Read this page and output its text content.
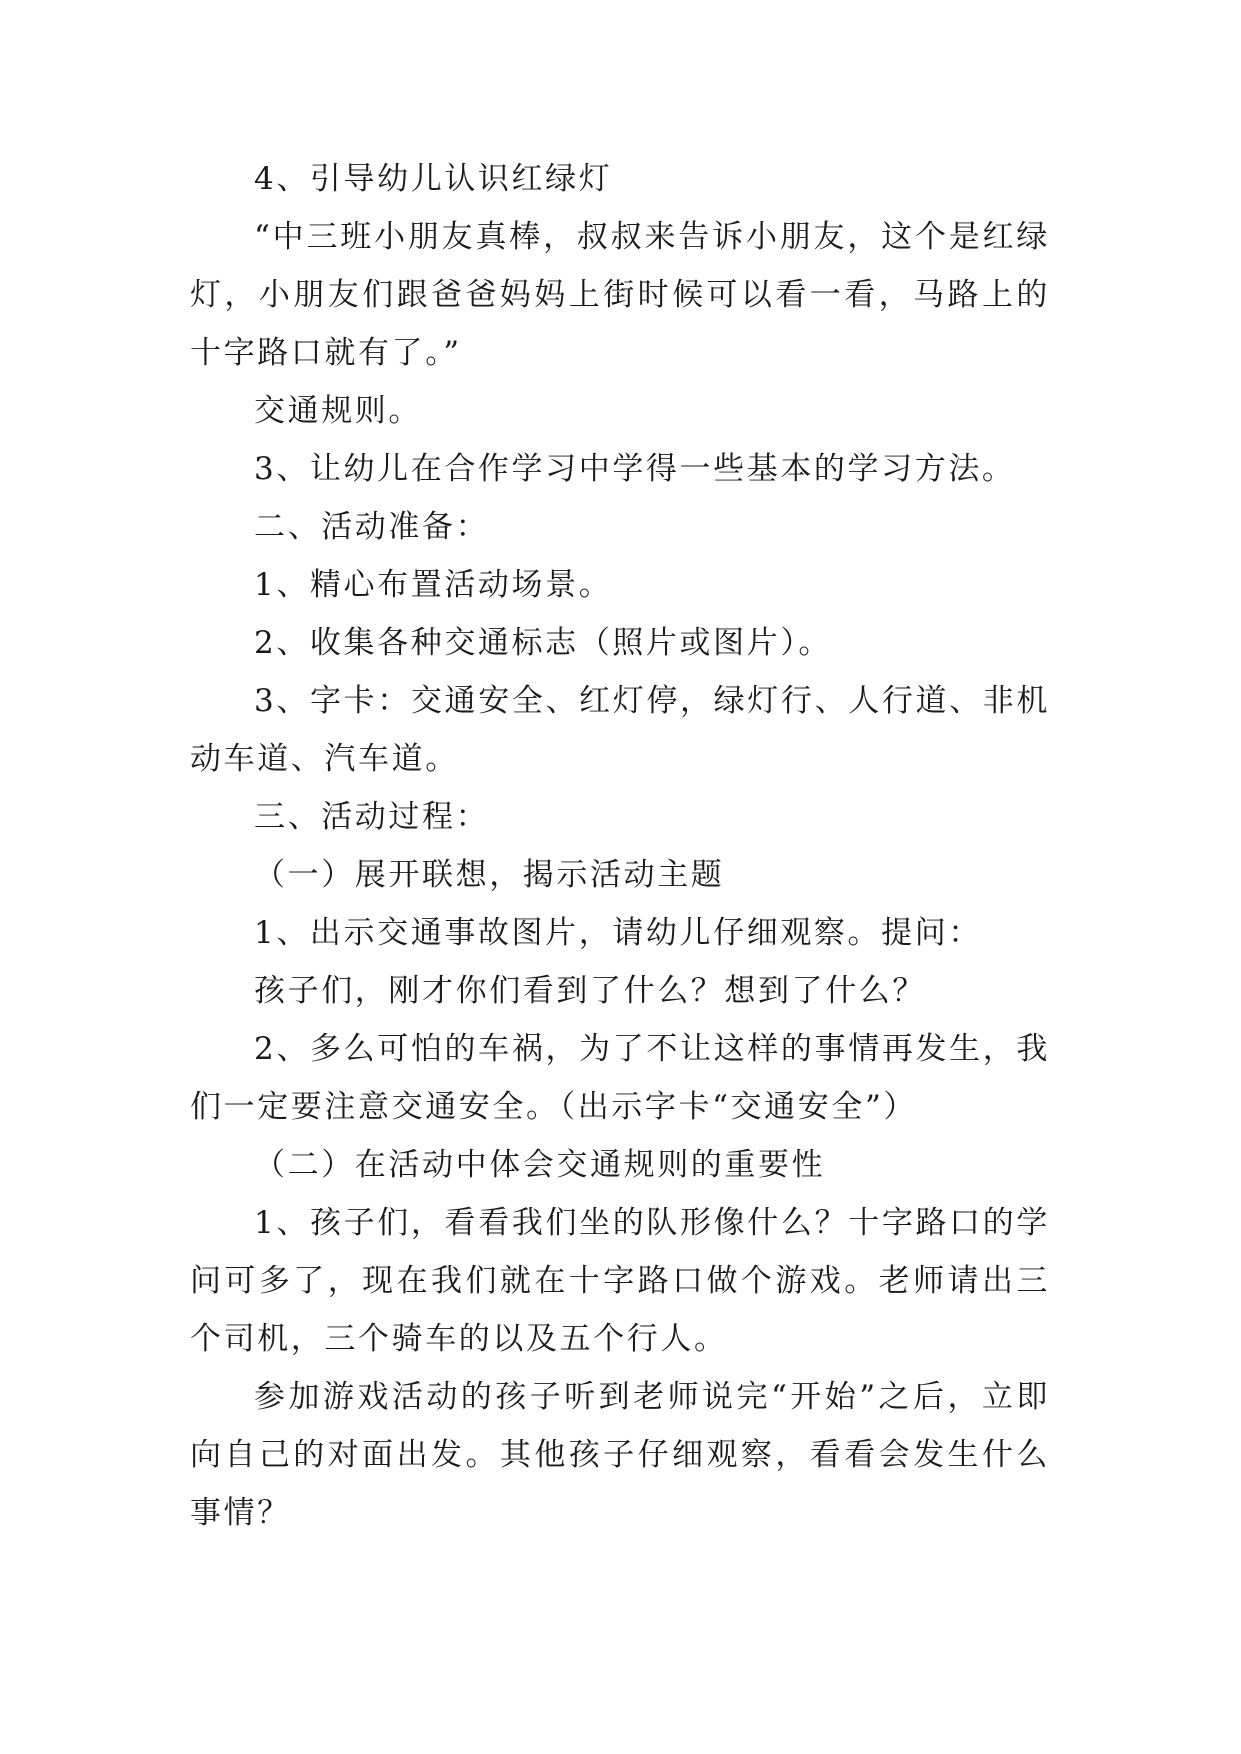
4、引导幼儿认识红绿灯

“中三班小朋友真棒，叔叔来告诉小朋友，这个是红绿灯，小朋友们跟爸爸妈妈上街时候可以看一看，马路上的十字路口就有了。”

交通规则。

3、让幼儿在合作学习中学得一些基本的学习方法。

二、活动准备：

1、精心布置活动场景。

2、收集各种交通标志（照片或图片）。

3、字卡：交通安全、红灯停，绿灯行、人行道、非机动车道、汽车道。

三、活动过程：

（一）展开联想，揭示活动主题

1、出示交通事故图片，请幼儿仔细观察。提问：

孩子们，刚才你们看到了什么？想到了什么？

2、多么可怕的车祸，为了不让这样的事情再发生，我们一定要注意交通安全。（出示字卡“交通安全”）

（二）在活动中体会交通规则的重要性

1、孩子们，看看我们坐的队形像什么？十字路口的学问可多了，现在我们就在十字路口做个游戏。老师请出三个司机，三个骑车的以及五个行人。

参加游戏活动的孩子听到老师说完“开始”之后，立即向自己的对面出发。其他孩子仔细观察，看看会发生什么事情？
